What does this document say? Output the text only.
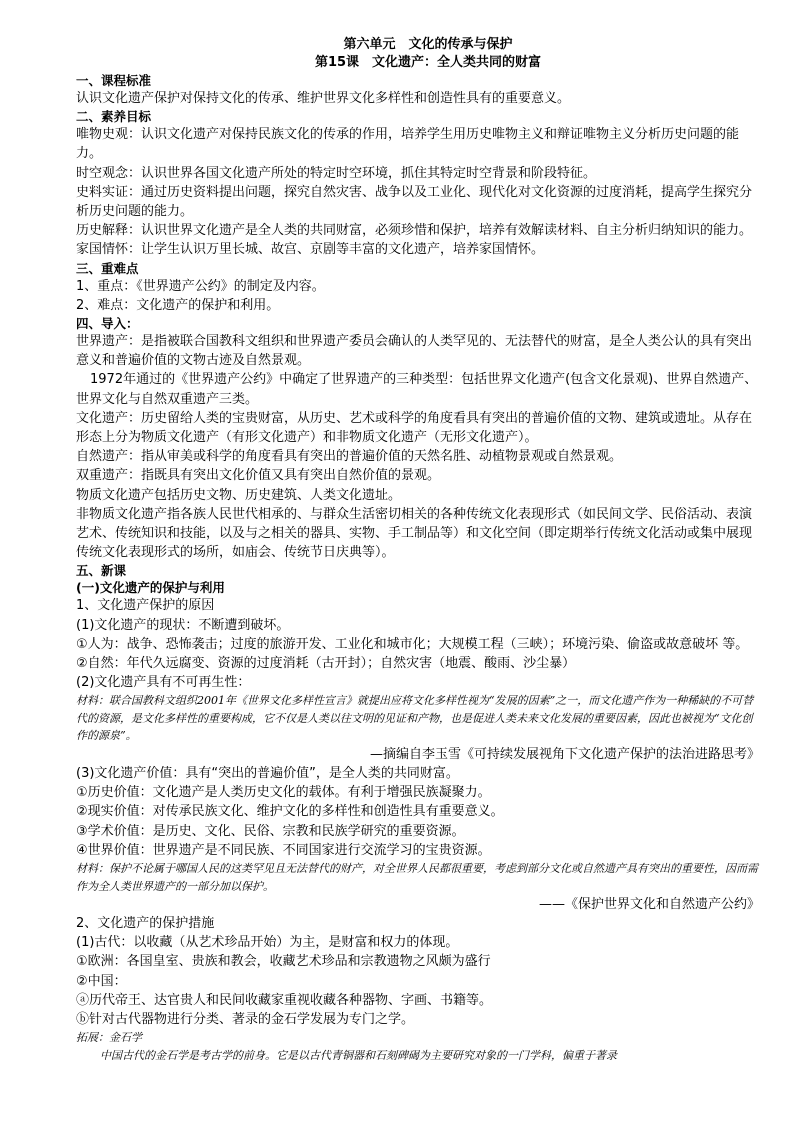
第六单元　文化的传承与保护
第15课　文化遗产：全人类共同的财富
一、课程标准
认识文化遗产保护对保持文化的传承、维护世界文化多样性和创造性具有的重要意义。
二、素养目标
唯物史观：认识文化遗产对保持民族文化的传承的作用，培养学生用历史唯物主义和辩证唯物主义分析历史问题的能力。
时空观念：认识世界各国文化遗产所处的特定时空环境，抓住其特定时空背景和阶段特征。
史料实证：通过历史资料提出问题，探究自然灾害、战争以及工业化、现代化对文化资源的过度消耗，提高学生探究分析历史问题的能力。
历史解释：认识世界文化遗产是全人类的共同财富，必须珍惜和保护，培养有效解读材料、自主分析归纳知识的能力。
家国情怀：让学生认识万里长城、故宫、京剧等丰富的文化遗产，培养家国情怀。
三、重难点
1、重点：《世界遗产公约》的制定及内容。
2、难点：文化遗产的保护和利用。
四、导入：
世界遗产：是指被联合国教科文组织和世界遗产委员会确认的人类罕见的、无法替代的财富，是全人类公认的具有突出意义和普遍价值的文物古迹及自然景观。
1972年通过的《世界遗产公约》中确定了世界遗产的三种类型：包括世界文化遗产(包含文化景观)、世界自然遗产、世界文化与自然双重遗产三类。
文化遗产：历史留给人类的宝贵财富，从历史、艺术或科学的角度看具有突出的普遍价值的文物、建筑或遗址。从存在形态上分为物质文化遗产（有形文化遗产）和非物质文化遗产（无形文化遗产）。
自然遗产：指从审美或科学的角度看具有突出的普遍价值的天然名胜、动植物景观或自然景观。
双重遗产：指既具有突出文化价值又具有突出自然价值的景观。
物质文化遗产包括历史文物、历史建筑、人类文化遗址。
非物质文化遗产指各族人民世代相承的、与群众生活密切相关的各种传统文化表现形式（如民间文学、民俗活动、表演艺术、传统知识和技能，以及与之相关的器具、实物、手工制品等）和文化空间（即定期举行传统文化活动或集中展现传统文化表现形式的场所，如庙会、传统节日庆典等）。
五、新课
(一)文化遗产的保护与利用
1、文化遗产保护的原因
(1)文化遗产的现状：不断遭到破坏。
①人为：战争、恐怖袭击；过度的旅游开发、工业化和城市化；大规模工程（三峡）；环境污染、偷盗或故意破坏 等。
②自然：年代久远腐变、资源的过度消耗（古开封）；自然灾害（地震、酸雨、沙尘暴）
(2)文化遗产具有不可再生性：
材料：联合国教科文组织2001年《世界文化多样性宣言》就提出应将文化多样性视为“发展的因素”之一，而文化遗产作为一种稀缺的不可替代的资源，是文化多样性的重要构成，它不仅是人类以往文明的见证和产物，也是促进人类未来文化发展的重要因素，因此也被视为“文化创作的源泉”。
—摘编自李玉雪《可持续发展视角下文化遗产保护的法治进路思考》
(3)文化遗产价值：具有“突出的普遍价值”，是全人类的共同财富。
①历史价值：文化遗产是人类历史文化的载体。有利于增强民族凝聚力。
②现实价值：对传承民族文化、维护文化的多样性和创造性具有重要意义。
③学术价值：是历史、文化、民俗、宗教和民族学研究的重要资源。
④世界价值：世界遗产是不同民族、不同国家进行交流学习的宝贵资源。
材料：保护不论属于哪国人民的这类罕见且无法替代的财产，对全世界人民都很重要，考虑到部分文化或自然遗产具有突出的重要性，因而需作为全人类世界遗产的一部分加以保护。
——《保护世界文化和自然遗产公约》
2、文化遗产的保护措施
(1)古代：以收藏（从艺术珍品开始）为主，是财富和权力的体现。
①欧洲：各国皇室、贵族和教会，收藏艺术珍品和宗教遗物之风颇为盛行
②中国：
ⓐ历代帝王、达官贵人和民间收藏家重视收藏各种器物、字画、书籍等。
ⓑ针对古代器物进行分类、著录的金石学发展为专门之学。
拓展：金石学
中国古代的金石学是考古学的前身。它是以古代青铜器和石刻碑碣为主要研究对象的一门学科，偏重于著录
